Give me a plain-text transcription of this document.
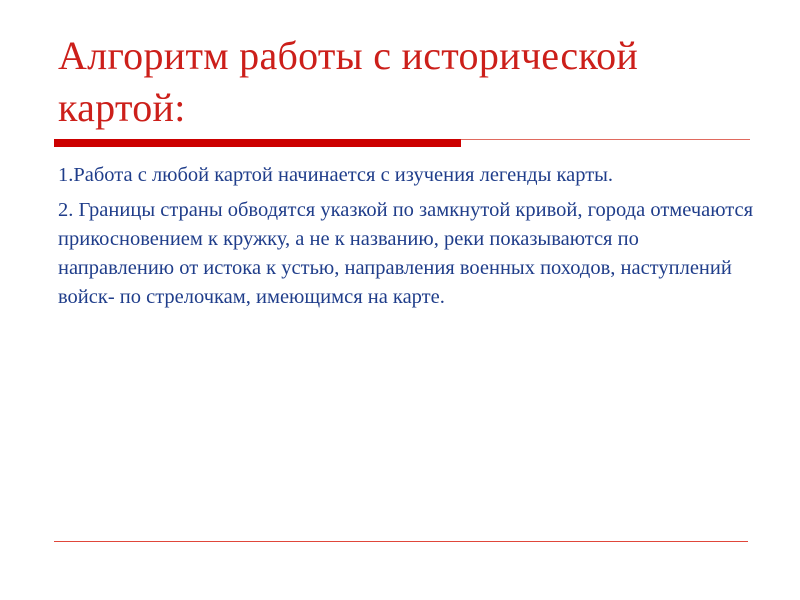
Алгоритм работы с исторической картой:

1.Работа с любой картой начинается с изучения легенды карты.

2. Границы страны обводятся указкой по замкнутой кривой, города отмечаются прикосновением к кружку, а не к названию, реки показываются по направлению от истока к устью, направления военных походов, наступлений войск- по стрелочкам, имеющимся на карте.
